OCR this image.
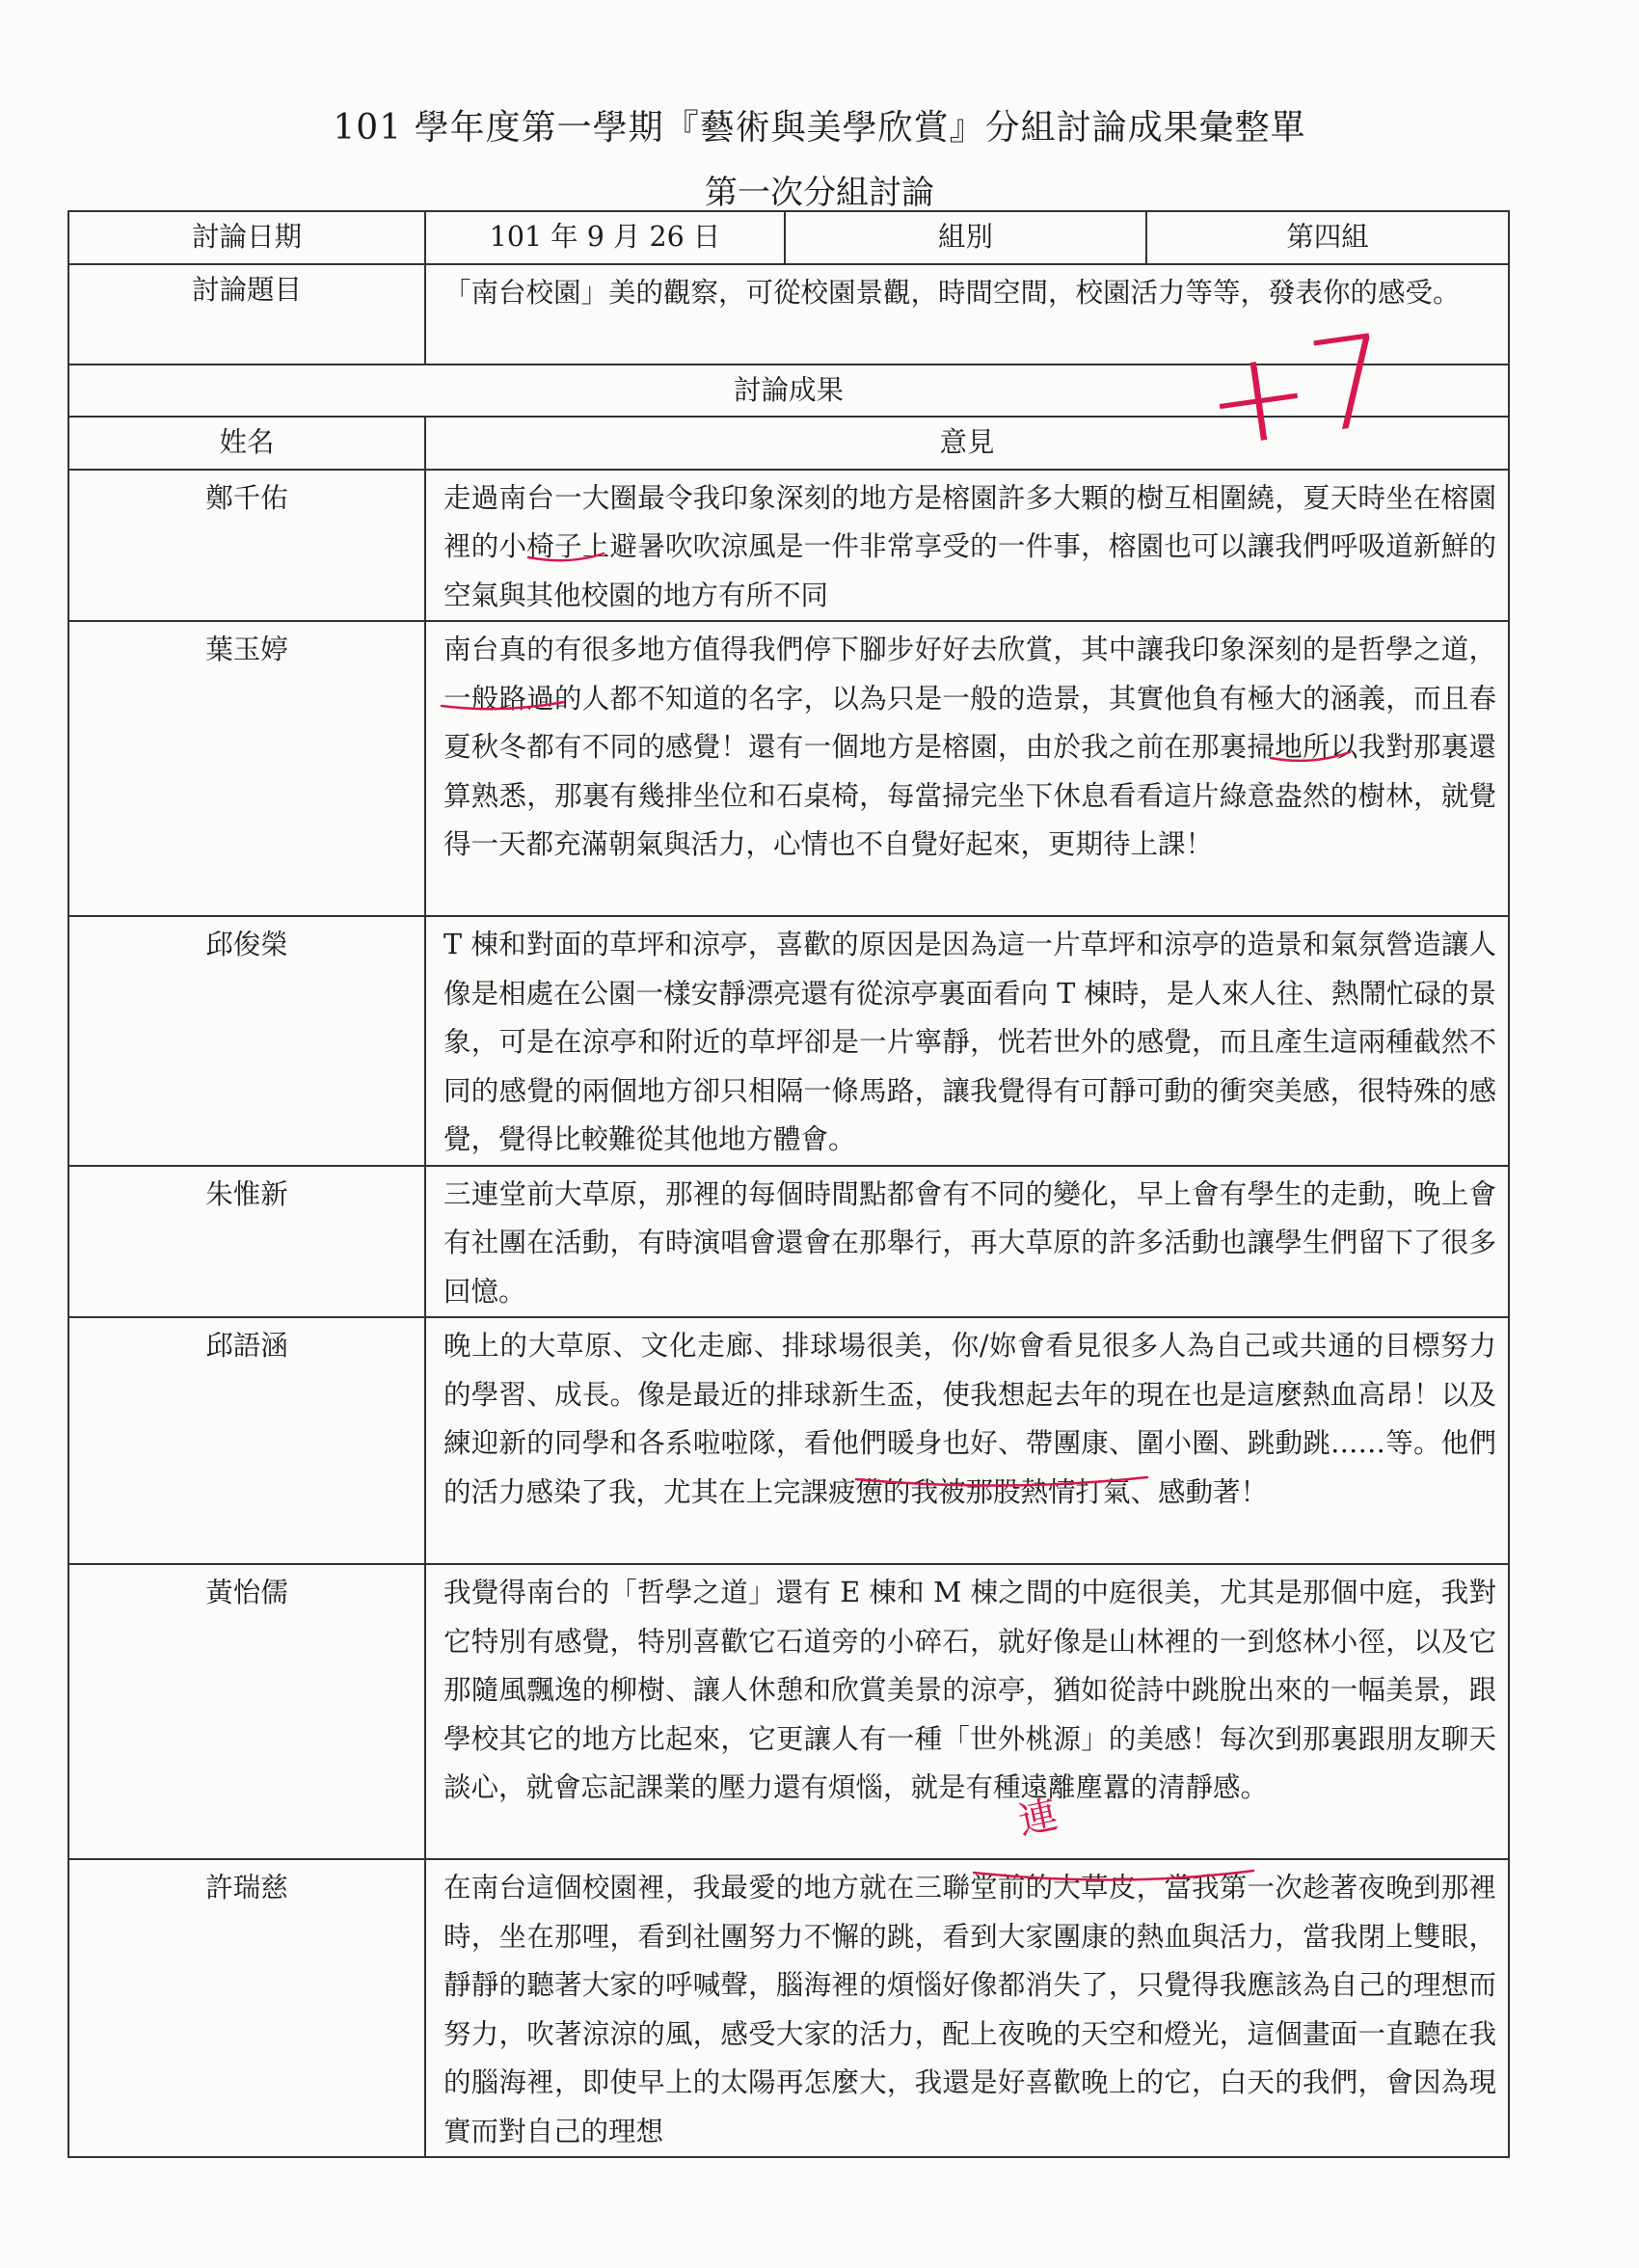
101 學年度第一學期『藝術與美學欣賞』分組討論成果彙整單
第一次分組討論
討論日期	101 年 9 月 26 日	組別	第四組
討論題目	「南台校園」美的觀察，可從校園景觀，時間空間，校園活力等等，發表你的感受。		
討論成果			
姓名	意見		
鄭千佑	走過南台一大圈最令我印象深刻的地方是榕園許多大顆的樹互相圍繞，夏天時坐在榕園裡的小椅子上避暑吹吹涼風是一件非常享受的一件事，榕園也可以讓我們呼吸道新鮮的空氣與其他校園的地方有所不同		
葉玉婷	南台真的有很多地方值得我們停下腳步好好去欣賞，其中讓我印象深刻的是哲學之道，一般路過的人都不知道的名字，以為只是一般的造景，其實他負有極大的涵義，而且春夏秋冬都有不同的感覺！還有一個地方是榕園，由於我之前在那裏掃地所以我對那裏還算熟悉，那裏有幾排坐位和石桌椅，每當掃完坐下休息看看這片綠意盎然的樹林，就覺得一天都充滿朝氣與活力，心情也不自覺好起來，更期待上課！		
邱俊榮	T 棟和對面的草坪和涼亭，喜歡的原因是因為這一片草坪和涼亭的造景和氣氛營造讓人像是相處在公園一樣安靜漂亮還有從涼亭裏面看向 T 棟時，是人來人往、熱鬧忙碌的景象，可是在涼亭和附近的草坪卻是一片寧靜，恍若世外的感覺，而且產生這兩種截然不同的感覺的兩個地方卻只相隔一條馬路，讓我覺得有可靜可動的衝突美感，很特殊的感覺，覺得比較難從其他地方體會。		
朱惟新	三連堂前大草原，那裡的每個時間點都會有不同的變化，早上會有學生的走動，晚上會有社團在活動，有時演唱會還會在那舉行，再大草原的許多活動也讓學生們留下了很多回憶。		
邱語涵	晚上的大草原、文化走廊、排球場很美，你/妳會看見很多人為自己或共通的目標努力的學習、成長。像是最近的排球新生盃，使我想起去年的現在也是這麼熱血高昂！以及練迎新的同學和各系啦啦隊，看他們暖身也好、帶團康、圍小圈、跳動跳……等。他們的活力感染了我，尤其在上完課疲憊的我被那股熱情打氣、感動著！		
黃怡儒	我覺得南台的「哲學之道」還有 E 棟和 M 棟之間的中庭很美，尤其是那個中庭，我對它特別有感覺，特別喜歡它石道旁的小碎石，就好像是山林裡的一到悠林小徑，以及它那隨風飄逸的柳樹、讓人休憩和欣賞美景的涼亭，猶如從詩中跳脫出來的一幅美景，跟學校其它的地方比起來，它更讓人有一種「世外桃源」的美感！每次到那裏跟朋友聊天談心，就會忘記課業的壓力還有煩惱，就是有種遠離塵囂的清靜感。		
許瑞慈	在南台這個校園裡，我最愛的地方就在三聯堂前的大草皮，當我第一次趁著夜晚到那裡時，坐在那哩，看到社團努力不懈的跳，看到大家團康的熱血與活力，當我閉上雙眼，靜靜的聽著大家的呼喊聲，腦海裡的煩惱好像都消失了，只覺得我應該為自己的理想而努力，吹著涼涼的風，感受大家的活力，配上夜晚的天空和燈光，這個畫面一直聽在我的腦海裡，即使早上的太陽再怎麼大，我還是好喜歡晚上的它，白天的我們，會因為現實而對自己的理想		
+7
連
